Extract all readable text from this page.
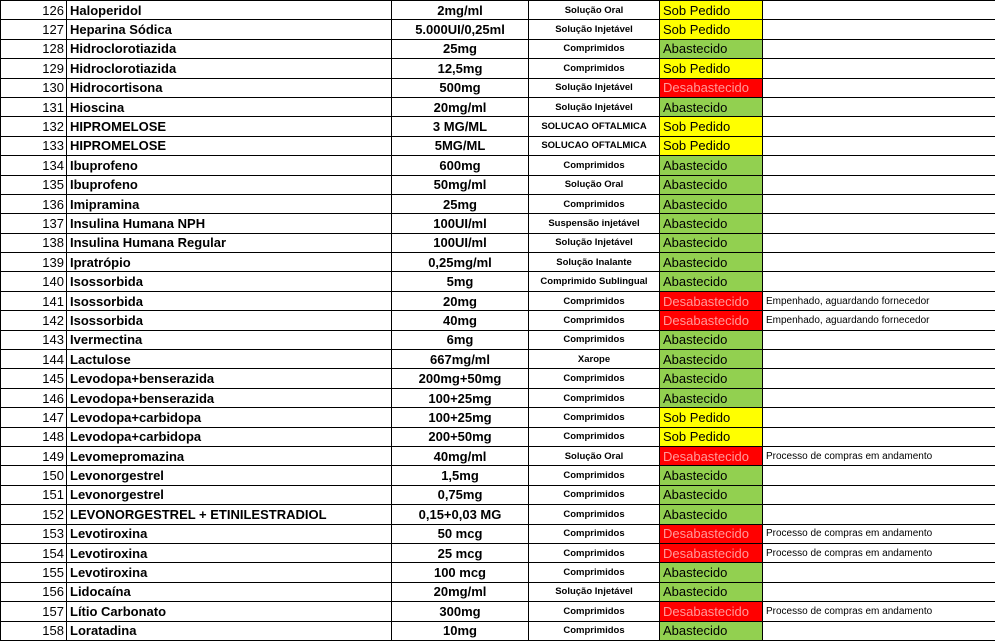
126	Haloperidol	2mg/ml	Solução Oral	Sob Pedido	
127	Heparina Sódica	5.000UI/0,25ml	Solução Injetável	Sob Pedido	
128	Hidroclorotiazida	25mg	Comprimidos	Abastecido	
129	Hidroclorotiazida	12,5mg	Comprimidos	Sob Pedido	
130	Hidrocortisona	500mg	Solução Injetável	Desabastecido	
131	Hioscina	20mg/ml	Solução Injetável	Abastecido	
132	HIPROMELOSE	3 MG/ML	SOLUCAO OFTALMICA	Sob Pedido	
133	HIPROMELOSE	5MG/ML	SOLUCAO OFTALMICA	Sob Pedido	
134	Ibuprofeno	600mg	Comprimidos	Abastecido	
135	Ibuprofeno	50mg/ml	Solução Oral	Abastecido	
136	Imipramina	25mg	Comprimidos	Abastecido	
137	Insulina Humana NPH	100UI/ml	Suspensão injetável	Abastecido	
138	Insulina Humana Regular	100UI/ml	Solução Injetável	Abastecido	
139	Ipratrópio	0,25mg/ml	Solução Inalante	Abastecido	
140	Isossorbida	5mg	Comprimido Sublingual	Abastecido	
141	Isossorbida	20mg	Comprimidos	Desabastecido	Empenhado, aguardando fornecedor
142	Isossorbida	40mg	Comprimidos	Desabastecido	Empenhado, aguardando fornecedor
143	Ivermectina	6mg	Comprimidos	Abastecido	
144	Lactulose	667mg/ml	Xarope	Abastecido	
145	Levodopa+benserazida	200mg+50mg	Comprimidos	Abastecido	
146	Levodopa+benserazida	100+25mg	Comprimidos	Abastecido	
147	Levodopa+carbidopa	100+25mg	Comprimidos	Sob Pedido	
148	Levodopa+carbidopa	200+50mg	Comprimidos	Sob Pedido	
149	Levomepromazina	40mg/ml	Solução Oral	Desabastecido	Processo de compras em andamento
150	Levonorgestrel	1,5mg	Comprimidos	Abastecido	
151	Levonorgestrel	0,75mg	Comprimidos	Abastecido	
152	LEVONORGESTREL + ETINILESTRADIOL	0,15+0,03 MG	Comprimidos	Abastecido	
153	Levotiroxina	50 mcg	Comprimidos	Desabastecido	Processo de compras em andamento
154	Levotiroxina	25 mcg	Comprimidos	Desabastecido	Processo de compras em andamento
155	Levotiroxina	100 mcg	Comprimidos	Abastecido	
156	Lidocaína	20mg/ml	Solução Injetável	Abastecido	
157	Lítio Carbonato	300mg	Comprimidos	Desabastecido	Processo de compras em andamento
158	Loratadina	10mg	Comprimidos	Abastecido	
